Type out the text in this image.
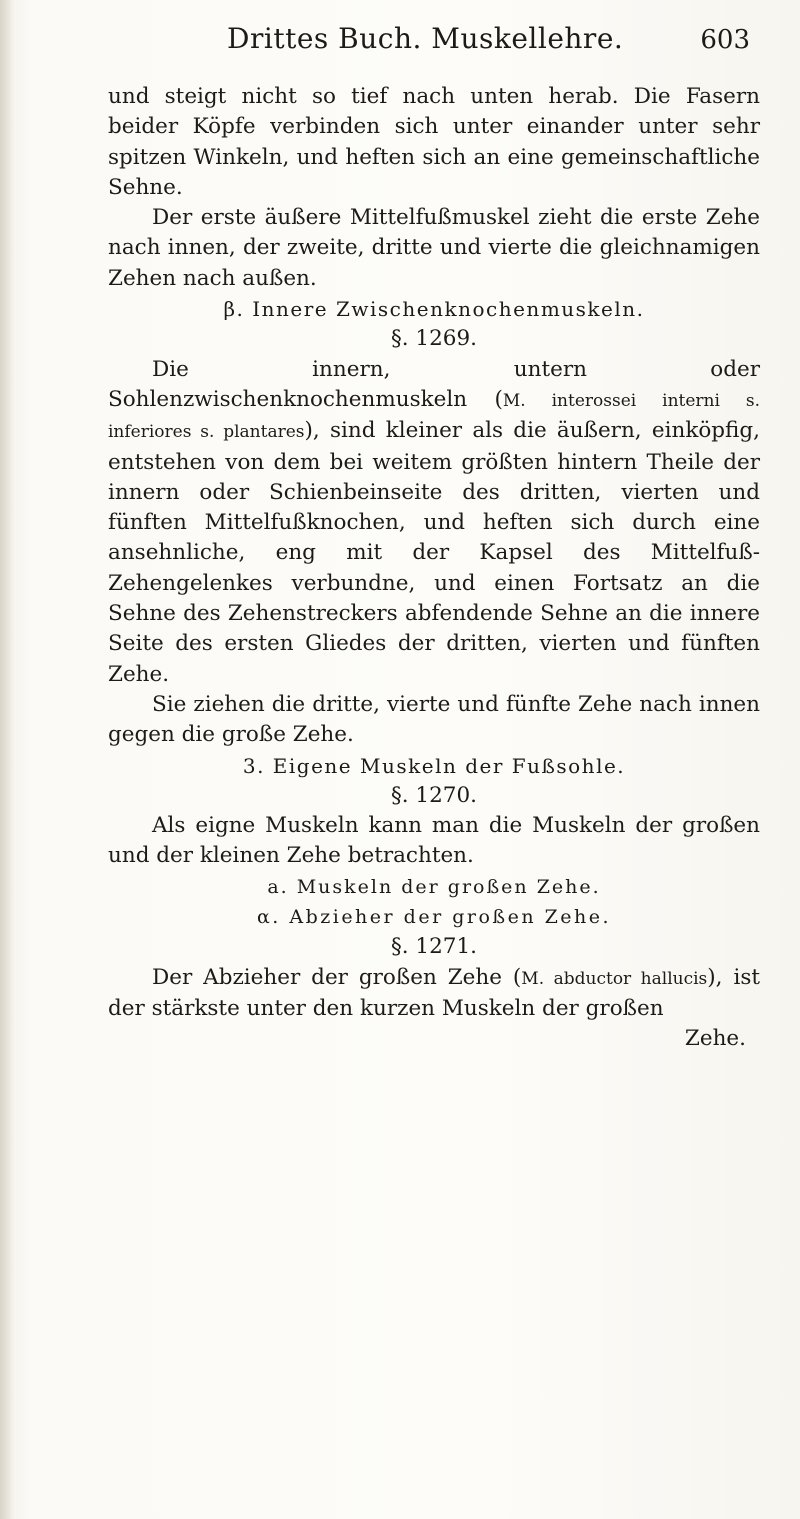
Drittes Buch. Muskellehre.	603

und steigt nicht so tief nach unten herab. Die Fasern beider Köpfe verbinden sich unter einander unter sehr spitzen Winkeln, und heften sich an eine gemeinschaftliche Sehne.

Der erste äußere Mittelfußmuskel zieht die erste Zehe nach innen, der zweite, dritte und vierte die gleichnamigen Zehen nach außen.

β. Innere Zwischenknochenmuskeln.

§. 1269.

Die innern, untern oder Sohlenzwischenknochenmuskeln (M. interossei interni s. inferiores s. plantares), sind kleiner als die äußern, einköpfig, entstehen von dem bei weitem größten hintern Theile der innern oder Schienbeinseite des dritten, vierten und fünften Mittelfußknochen, und heften sich durch eine ansehnliche, eng mit der Kapsel des Mittelfuß-Zehengelenkes verbundne, und einen Fortsatz an die Sehne des Zehenstreckers abfendende Sehne an die innere Seite des ersten Gliedes der dritten, vierten und fünften Zehe.

Sie ziehen die dritte, vierte und fünfte Zehe nach innen gegen die große Zehe.

3. Eigene Muskeln der Fußsohle.

§. 1270.

Als eigne Muskeln kann man die Muskeln der großen und der kleinen Zehe betrachten.

a. Muskeln der großen Zehe.

α. Abzieher der großen Zehe.

§. 1271.

Der Abzieher der großen Zehe (M. abductor hallucis), ist der stärkste unter den kurzen Muskeln der großen

Zehe.
